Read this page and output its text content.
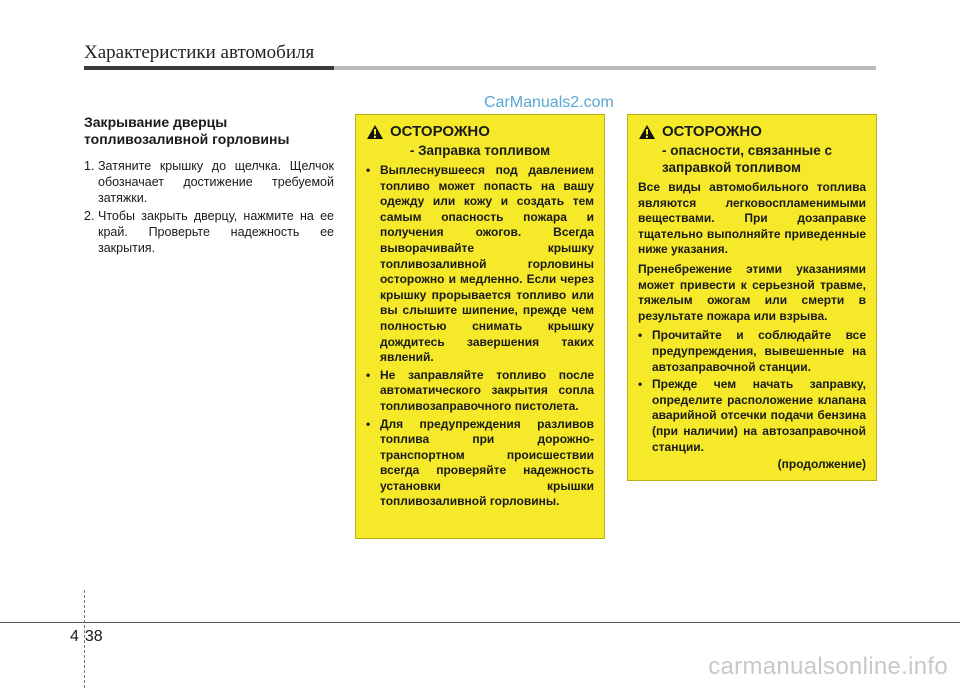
Характеристики автомобиля
CarManuals2.com
Закрывание дверцы топливозаливной горловины
1. Затяните крышку до щелчка. Щелчок обозначает достижение требуемой затяжки.
2. Чтобы закрыть дверцу, нажмите на ее край. Проверьте надежность ее закрытия.
ОСТОРОЖНО
- Заправка топливом
• Выплеснувшееся под давлением топливо может попасть на вашу одежду или кожу и создать тем самым опасность пожара и получения ожогов. Всегда выворачивайте крышку топливозаливной горловины осторожно и медленно. Если через крышку прорывается топливо или вы слышите шипение, прежде чем полностью снимать крышку дождитесь завершения таких явлений.
• Не заправляйте топливо после автоматического закрытия сопла топливозаправочного пистолета.
• Для предупреждения разливов топлива при дорожно-транспортном происшествии всегда проверяйте надежность установки крышки топливозаливной горловины.
ОСТОРОЖНО
- опасности, связанные с заправкой топливом
Все виды автомобильного топлива являются легковоспламенимыми веществами. При дозаправке тщательно выполняйте приведенные ниже указания.
Пренебрежение этими указаниями может привести к серьезной травме, тяжелым ожогам или смерти в результате пожара или взрыва.
• Прочитайте и соблюдайте все предупреждения, вывешенные на автозаправочной станции.
• Прежде чем начать заправку, определите расположение клапана аварийной отсечки подачи бензина (при наличии) на автозаправочной станции.
(продолжение)
4 38
carmanualsonline.info
